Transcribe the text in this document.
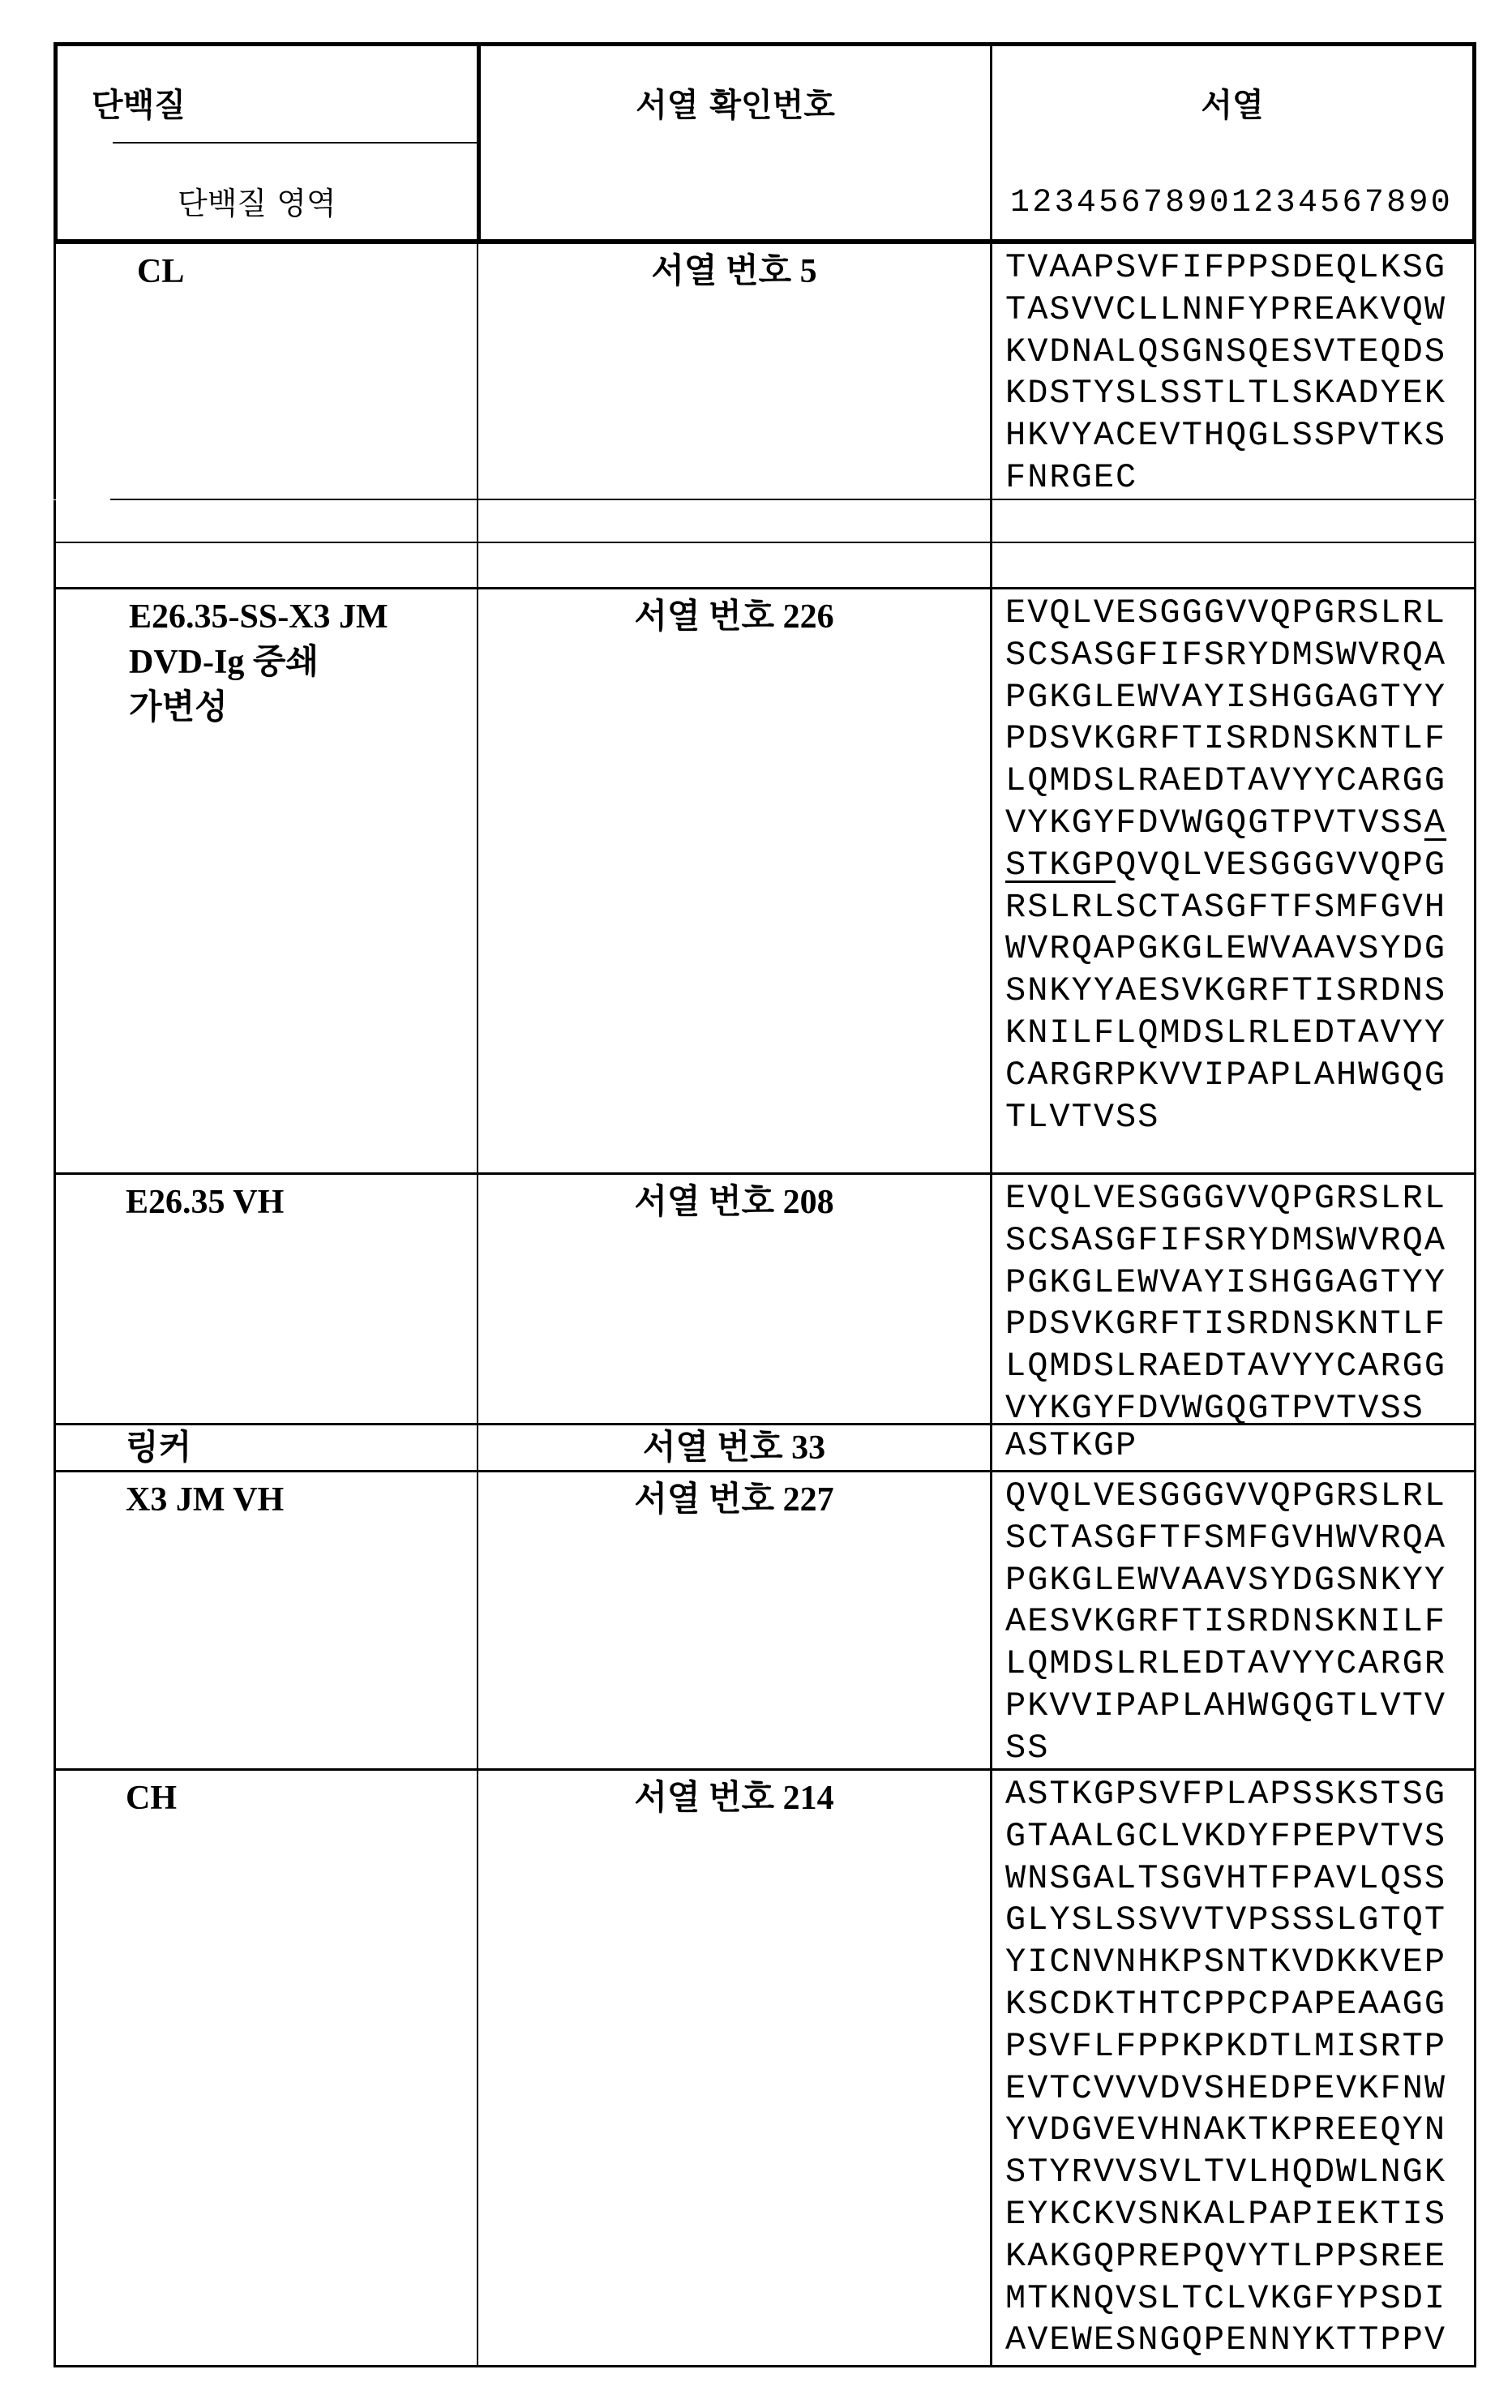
단백질
단백질 영역
서열 확인번호	서열
12345678901234567890
CL	서열 번호 5	TVAAPSVFIFPPSDEQLKSG
TASVVCLLNNFYPREAKVQW
KVDNALQSGNSQESVTEQDS
KDSTYSLSSTLTLSKADYEK
HKVYACEVTHQGLSSPVTKS
FNRGEC
E26.35-SS-X3 JM
DVD-Ig 중쇄
가변성
서열 번호 226	EVQLVESGGGVVQPGRSLRL
SCSASGFIFSRYDMSWVRQA
PGKGLEWVAYISHGGAGTYY
PDSVKGRFTISRDNSKNTLF
LQMDSLRAEDTAVYYCARGG
VYKGYFDVWGQGTPVTVSSA
STKGPQVQLVESGGGVVQPG
RSLRLSCTASGFTFSMFGVH
WVRQAPGKGLEWVAAVSYDG
SNKYYAESVKGRFTISRDNS
KNILFLQMDSLRLEDTAVYY
CARGRPKVVIPAPLAHWGQG
TLVTVSS
E26.35 VH	서열 번호 208	EVQLVESGGGVVQPGRSLRL
SCSASGFIFSRYDMSWVRQA
PGKGLEWVAYISHGGAGTYY
PDSVKGRFTISRDNSKNTLF
LQMDSLRAEDTAVYYCARGG
VYKGYFDVWGQGTPVTVSS
링커	서열 번호 33	ASTKGP
X3 JM VH	서열 번호 227	QVQLVESGGGVVQPGRSLRL
SCTASGFTFSMFGVHWVRQA
PGKGLEWVAAVSYDGSNKYY
AESVKGRFTISRDNSKNILF
LQMDSLRLEDTAVYYCARGR
PKVVIPAPLAHWGQGTLVTV
SS
CH	서열 번호 214	ASTKGPSVFPLAPSSKSTSG
GTAALGCLVKDYFPEPVTVS
WNSGALTSGVHTFPAVLQSS
GLYSLSSVVTVPSSSLGTQT
YICNVNHKPSNTKVDKKVEP
KSCDKTHTCPPCPAPEAAGG
PSVFLFPPKPKDTLMISRTP
EVTCVVVDVSHEDPEVKFNW
YVDGVEVHNAKTKPREEQYN
STYRVVSVLTVLHQDWLNGK
EYKCKVSNKALPAPIEKTIS
KAKGQPREPQVYTLPPSREE
MTKNQVSLTCLVKGFYPSDI
AVEWESNGQPENNYKTTPPV
